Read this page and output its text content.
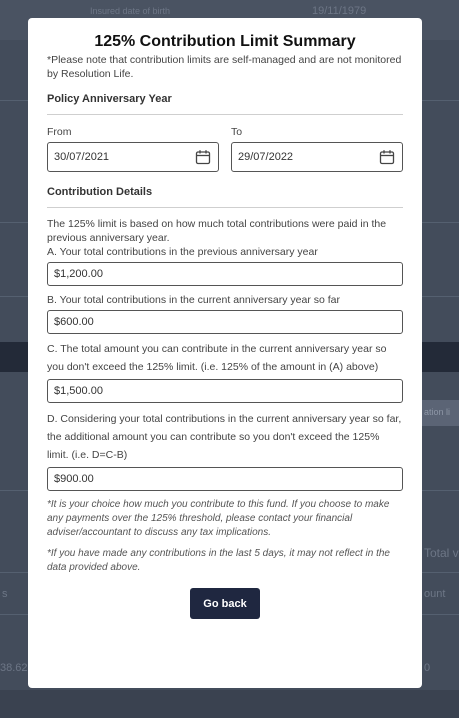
Insured date of birth	19/11/1979
ation li
Total v
s	ount
38.62	0
125% Contribution Limit Summary

*Please note that contribution limits are self-managed and are not monitored by Resolution Life.

Policy Anniversary Year
From
30/07/2021
To
29/07/2022
Contribution Details

The 125% limit is based on how much total contributions were paid in the previous anniversary year.

A. Your total contributions in the previous anniversary year

$1,200.00

B. Your total contributions in the current anniversary year so far

$600.00

C. The total amount you can contribute in the current anniversary year so you don't exceed the 125% limit. (i.e. 125% of the amount in (A) above)

$1,500.00

D. Considering your total contributions in the current anniversary year so far, the additional amount you can contribute so you don't exceed the 125% limit. (i.e. D=C-B)

$900.00

*It is your choice how much you contribute to this fund. If you choose to make any payments over the 125% threshold, please contact your financial adviser/accountant to discuss any tax implications.

*If you have made any contributions in the last 5 days, it may not reflect in the data provided above.

Go back
